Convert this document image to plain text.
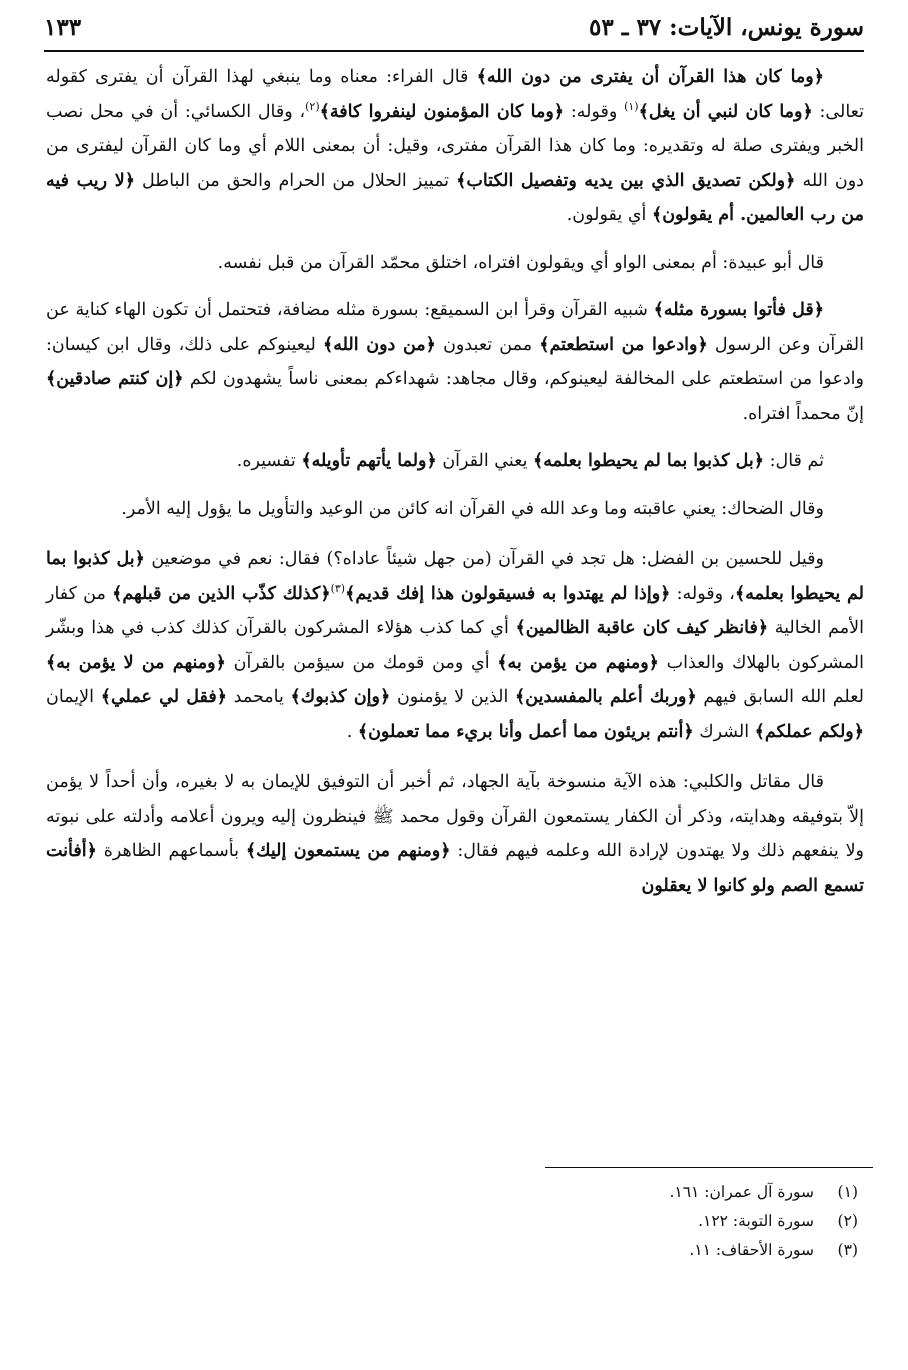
سورة يونس، الآيات: ٣٧ ـ ٥٣
١٣٣

﴿وما كان هذا القرآن أن يفترى من دون الله﴾ قال الفراء: معناه وما ينبغي لهذا القرآن أن يفترى كقوله تعالى: ﴿وما كان لنبي أن يغل﴾$^{(١)}$ وقوله: ﴿وما كان المؤمنون لينفروا كافة﴾$^{(٢)}$، وقال الكسائي: أن في محل نصب الخبر ويفترى صلة له وتقديره: وما كان هذا القرآن مفترى، وقيل: أن بمعنى اللام أي وما كان القرآن ليفترى من دون الله ﴿ولكن تصديق الذي بين يديه وتفصيل الكتاب﴾ تمييز الحلال من الحرام والحق من الباطل ﴿لا ريب فيه من رب العالمين. أم يقولون﴾ أي يقولون.

قال أبو عبيدة: أم بمعنى الواو أي ويقولون افتراه، اختلق محمّد القرآن من قبل نفسه.

﴿قل فأتوا بسورة مثله﴾ شبيه القرآن وقرأ ابن السميقع: بسورة مثله مضافة، فتحتمل أن تكون الهاء كناية عن القرآن وعن الرسول ﴿وادعوا من استطعتم﴾ ممن تعبدون ﴿من دون الله﴾ ليعينوكم على ذلك، وقال ابن كيسان: وادعوا من استطعتم على المخالفة ليعينوكم، وقال مجاهد: شهداءكم بمعنى ناساً يشهدون لكم ﴿إن كنتم صادقين﴾ إنّ محمداً افتراه.

ثم قال: ﴿بل كذبوا بما لم يحيطوا بعلمه﴾ يعني القرآن ﴿ولما يأتهم تأويله﴾ تفسيره.

وقال الضحاك: يعني عاقبته وما وعد الله في القرآن انه كائن من الوعيد والتأويل ما يؤول إليه الأمر.

وقيل للحسين بن الفضل: هل تجد في القرآن (من جهل شيئاً عاداه؟) فقال: نعم في موضعين ﴿بل كذبوا بما لم يحيطوا بعلمه﴾، وقوله: ﴿وإذا لم يهتدوا به فسيقولون هذا إفك قديم﴾$^{(٣)}$﴿كذلك كذّب الذين من قبلهم﴾ من كفار الأمم الخالية ﴿فانظر كيف كان عاقبة الظالمين﴾ أي كما كذب هؤلاء المشركون بالقرآن كذلك كذب في هذا وبشّر المشركون بالهلاك والعذاب ﴿ومنهم من يؤمن به﴾ أي ومن قومك من سيؤمن بالقرآن ﴿ومنهم من لا يؤمن به﴾ لعلم الله السابق فيهم ﴿وربك أعلم بالمفسدين﴾ الذين لا يؤمنون ﴿وإن كذبوك﴾ يامحمد ﴿فقل لي عملي﴾ الإيمان ﴿ولكم عملكم﴾ الشرك ﴿أنتم بريئون مما أعمل وأنا بريء مما تعملون﴾ .

قال مقاتل والكلبي: هذه الآية منسوخة بآية الجهاد، ثم أخبر أن التوفيق للإيمان به لا بغيره، وأن أحداً لا يؤمن إلاّ بتوفيقه وهدايته، وذكر أن الكفار يستمعون القرآن وقول محمد ﷺ فينظرون إليه ويرون أعلامه وأدلته على نبوته ولا ينفعهم ذلك ولا يهتدون لإرادة الله وعلمه فيهم فقال: ﴿ومنهم من يستمعون إليك﴾ بأسماعهم الظاهرة ﴿أفأنت تسمع الصم ولو كانوا لا يعقلون

(١)
سورة آل عمران: ١٦١.
(٢)
سورة التوبة: ١٢٢.
(٣)
سورة الأحقاف: ١١.
